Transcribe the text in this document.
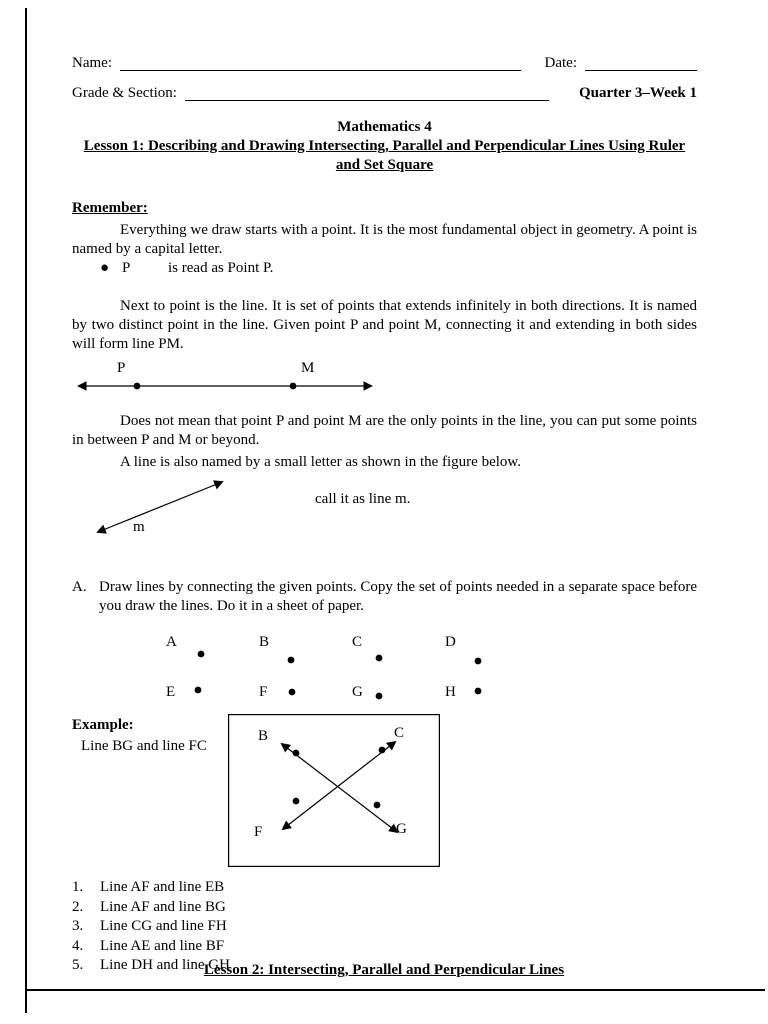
Name:	Date:
Grade & Section:	Quarter 3–Week 1
Mathematics 4
Lesson 1: Describing and Drawing Intersecting, Parallel and Perpendicular Lines Using Ruler and Set Square
Remember:

Everything we draw starts with a point. It is the most fundamental object in geometry. A point is named by a capital letter.

● P	is read as Point P.

Next to point is the line. It is set of points that extends infinitely in both directions. It is named by two distinct point in the line. Given point P and point M, connecting it and extending in both sides will form line PM.

P	M

Does not mean that point P and point M are the only points in the line, you can put some points in between P and M or beyond.

A line is also named by a small letter as shown in the figure below.

m
call it as line m.
A. Draw lines by connecting the given points. Copy the set of points needed in a separate space before you draw the lines. Do it in a sheet of paper.
A	B	C	D
E	F	G	H
Example:
Line BG and line FC
B	C
F	G
1.	Line AF and line EB
2.	Line AF and line BG
3.	Line CG and line FH
4.	Line AE and line BF
5.	Line DH and line GH
Lesson 2: Intersecting, Parallel and Perpendicular Lines
